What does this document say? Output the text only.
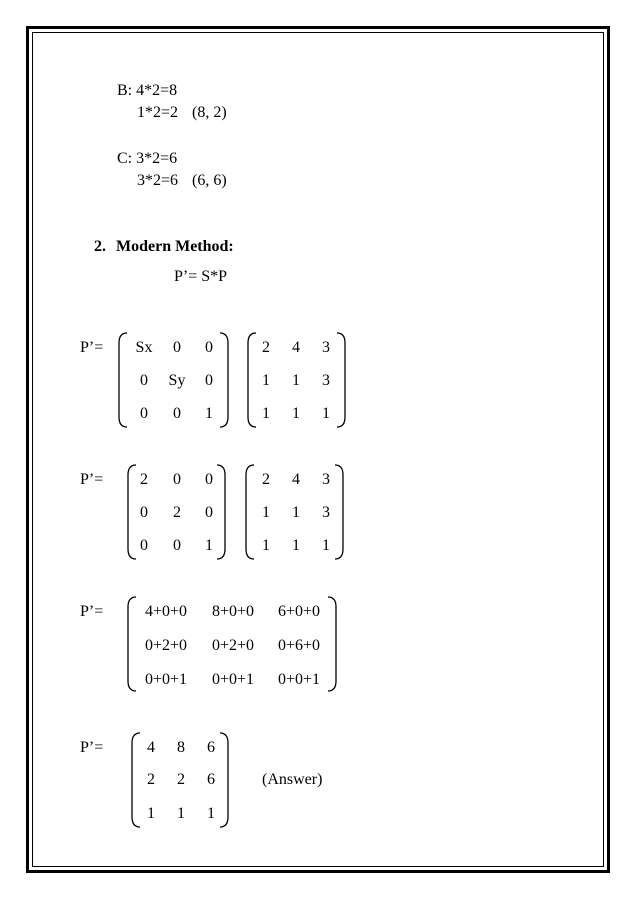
B: 4*2=8
1*2=2 (8, 2)
C: 3*2=6
3*2=6 (6, 6)
2. Modern Method:
P’= S*P
P’= Sx 0 0
0 Sy 0
0 0 1
2 4 3
1 1 3
1 1 1
P’= 2 0 0
0 2 0
0 0 1
2 4 3
1 1 3
1 1 1
P’=	4+0+0 8+0+0 6+0+0
0+2+0 0+2+0 0+6+0
0+0+1 0+0+1 0+0+1
P’=	4 8 6
2 2 6
1 1 1
(Answer)
